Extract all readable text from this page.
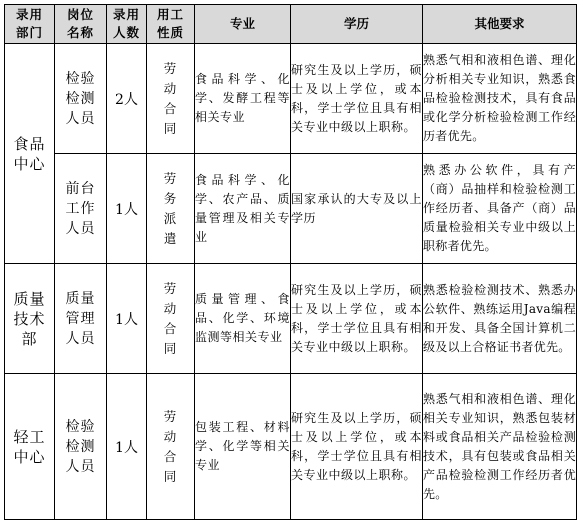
录用部门	岗位名称	录用人数	用工性质	专业	学历	其他要求

食品中心	检验检测人员	2人	劳动合同	食品科学、化学、发酵工程等相关专业	研究生及以上学历，硕士及以上学位，或本科，学士学位且具有相关专业中级以上职称。	熟悉气相和液相色谱、理化分析相关专业知识，熟悉食品检验检测技术，具有食品或化学分析检验检测工作经历者优先。

	前台工作人员	1人	劳务派遣	食品科学、化学、农产品、质量管理及相关专业	国家承认的大专及以上学历	熟悉办公软件，具有产（商）品抽样和检验检测工作经历者、具备产（商）品质量检验相关专业中级以上职称者优先。

质量技术部	质量管理人员	1人	劳动合同	质量管理、食品、化学、环境监测等相关专业	研究生及以上学历，硕士及以上学位，或本科，学士学位且具有相关专业中级以上职称。	熟悉检验检测技术、熟悉办公软件、熟练运用Java编程和开发、具备全国计算机二级及以上合格证书者优先。

轻工中心	检验检测人员	1人	劳动合同	包装工程、材料学、化学等相关专业	研究生及以上学历，硕士及以上学位，或本科，学士学位且具有相关专业中级以上职称。	熟悉气相和液相色谱、理化相关专业知识，熟悉包装材料或食品相关产品检验检测技术，具有包装或食品相关产品检验检测工作经历者优先。
